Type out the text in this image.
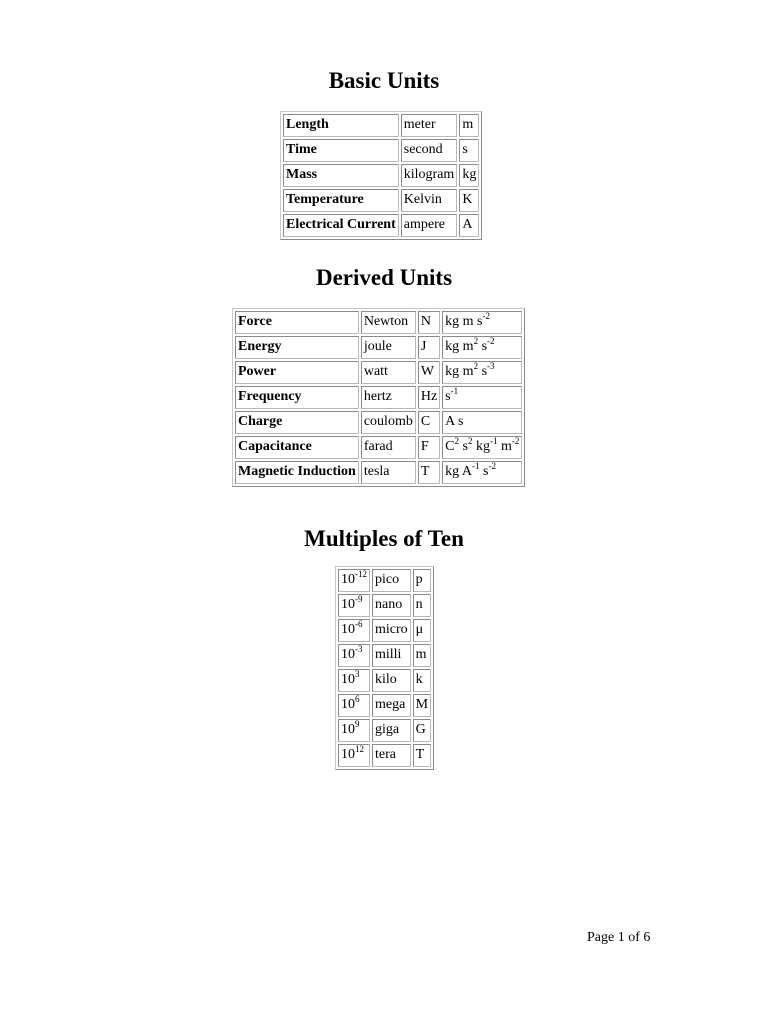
Basic Units
Length	meter	m
Time	second	s
Mass	kilogram	kg
Temperature	Kelvin	K
Electrical Current	ampere	A
Derived Units
Force	Newton	N	kg m $s^{-2}$
Energy	joule	J	kg $m^2$ $s^{-2}$
Power	watt	W	kg $m^2$ $s^{-3}$
Frequency	hertz	Hz	$s^{-1}$
Charge	coulomb	C	A s
Capacitance	farad	F	$C^2$ $s^2$ $kg^{-1}$ $m^{-2}$
Magnetic Induction	tesla	T	kg $A^{-1}$ $s^{-2}$
Multiples of Ten
$10^{-12}$	pico	p
$10^{-9}$	nano	n
$10^{-6}$	micro	μ
$10^{-3}$	milli	m
$10^3$	kilo	k
$10^6$	mega	M
$10^9$	giga	G
$10^{12}$	tera	T
Page 1 of 6
